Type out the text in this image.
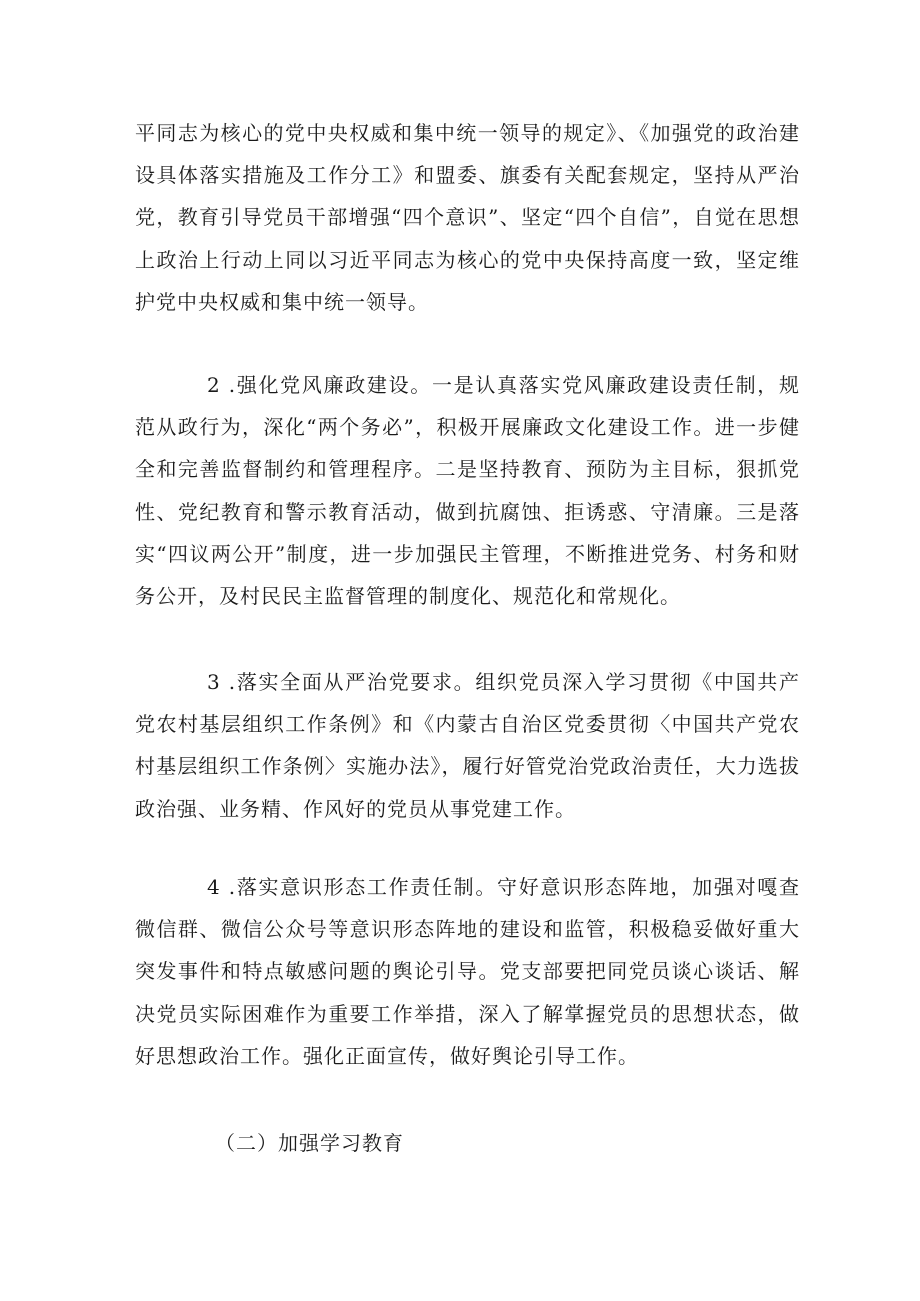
平同志为核心的党中央权威和集中统一领导的规定》、《加强党的政治建设具体落实措施及工作分工》和盟委、旗委有关配套规定，坚持从严治党，教育引导党员干部增强“四个意识”、坚定“四个自信”，自觉在思想上政治上行动上同以习近平同志为核心的党中央保持高度一致，坚定维护党中央权威和集中统一领导。

2 .强化党风廉政建设。一是认真落实党风廉政建设责任制，规范从政行为，深化“两个务必”，积极开展廉政文化建设工作。进一步健全和完善监督制约和管理程序。二是坚持教育、预防为主目标，狠抓党性、党纪教育和警示教育活动，做到抗腐蚀、拒诱惑、守清廉。三是落实“四议两公开”制度，进一步加强民主管理，不断推进党务、村务和财务公开，及村民民主监督管理的制度化、规范化和常规化。

3 .落实全面从严治党要求。组织党员深入学习贯彻《中国共产党农村基层组织工作条例》和《内蒙古自治区党委贯彻〈中国共产党农村基层组织工作条例〉实施办法》，履行好管党治党政治责任，大力选拔政治强、业务精、作风好的党员从事党建工作。

4 .落实意识形态工作责任制。守好意识形态阵地，加强对嘎查微信群、微信公众号等意识形态阵地的建设和监管，积极稳妥做好重大突发事件和特点敏感问题的舆论引导。党支部要把同党员谈心谈话、解决党员实际困难作为重要工作举措，深入了解掌握党员的思想状态，做好思想政治工作。强化正面宣传，做好舆论引导工作。

（二）加强学习教育
